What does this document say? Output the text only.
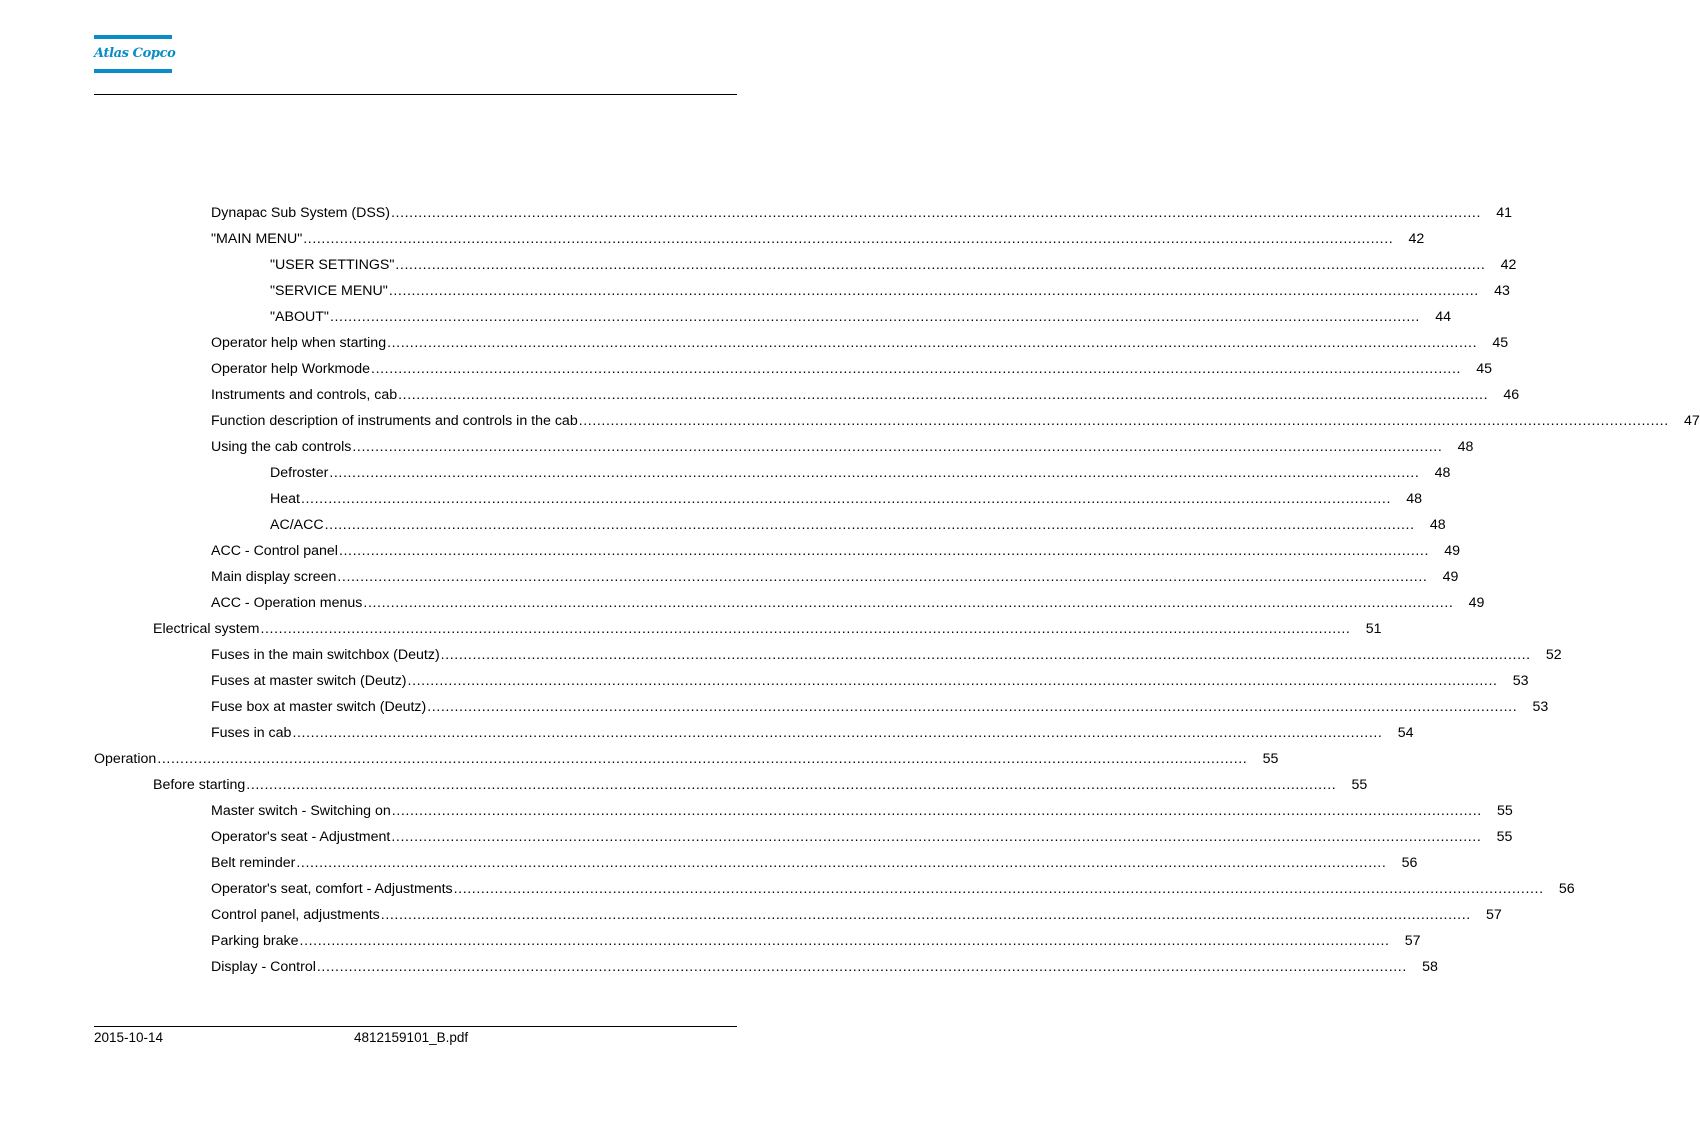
Atlas Copco
Dynapac Sub System (DSS) ................................................................................................................................................................................................................................................	41
"MAIN MENU" ................................................................................................................................................................................................................................................	42
"USER SETTINGS" ................................................................................................................................................................................................................................................	42
"SERVICE MENU" ................................................................................................................................................................................................................................................	43
"ABOUT" ................................................................................................................................................................................................................................................	44
Operator help when starting ................................................................................................................................................................................................................................................	45
Operator help Workmode ................................................................................................................................................................................................................................................	45
Instruments and controls, cab ................................................................................................................................................................................................................................................	46
Function description of instruments and controls in the cab ................................................................................................................................................................................................................................................	47
Using the cab controls ................................................................................................................................................................................................................................................	48
Defroster ................................................................................................................................................................................................................................................	48
Heat ................................................................................................................................................................................................................................................	48
AC/ACC ................................................................................................................................................................................................................................................	48
ACC - Control panel ................................................................................................................................................................................................................................................	49
Main display screen ................................................................................................................................................................................................................................................	49
ACC - Operation menus ................................................................................................................................................................................................................................................	49
Electrical system ................................................................................................................................................................................................................................................	51
Fuses in the main switchbox (Deutz) ................................................................................................................................................................................................................................................	52
Fuses at master switch (Deutz) ................................................................................................................................................................................................................................................	53
Fuse box at master switch (Deutz) ................................................................................................................................................................................................................................................	53
Fuses in cab ................................................................................................................................................................................................................................................	54
Operation ................................................................................................................................................................................................................................................	55
Before starting ................................................................................................................................................................................................................................................	55
Master switch - Switching on ................................................................................................................................................................................................................................................	55
Operator's seat - Adjustment ................................................................................................................................................................................................................................................	55
Belt reminder ................................................................................................................................................................................................................................................	56
Operator's seat, comfort - Adjustments ................................................................................................................................................................................................................................................	56
Control panel, adjustments ................................................................................................................................................................................................................................................	57
Parking brake ................................................................................................................................................................................................................................................	57
Display - Control ................................................................................................................................................................................................................................................	58
2015-10-14	4812159101_B.pdf
